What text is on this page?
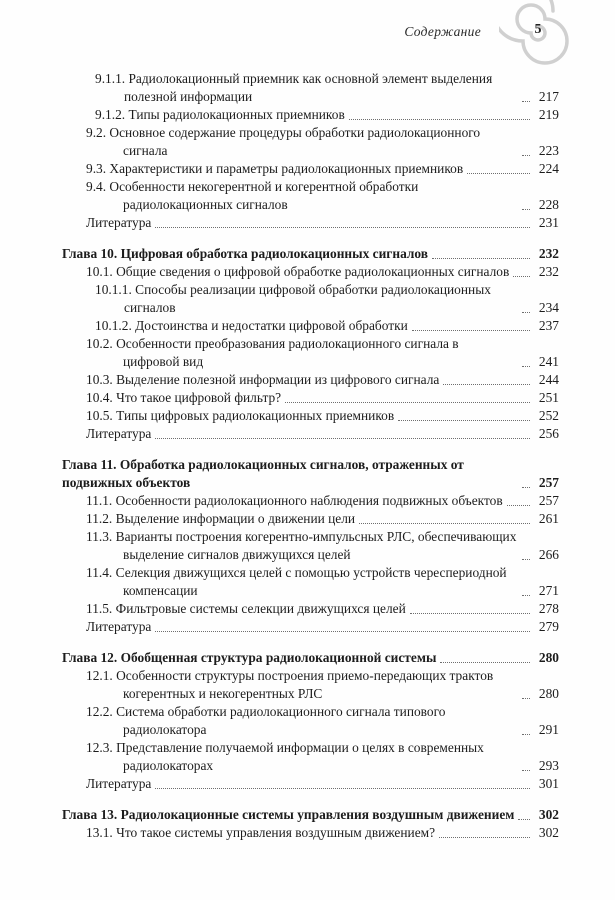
Содержание	5
9.1.1. Радиолокационный приемник как основной элемент выделения полезной информации	217
9.1.2. Типы радиолокационных приемников	219
9.2. Основное содержание процедуры обработки радиолокационного сигнала	223
9.3. Характеристики и параметры радиолокационных приемников	224
9.4. Особенности некогерентной и когерентной обработки радиолокационных сигналов	228
Литература	231
Глава 10. Цифровая обработка радиолокационных сигналов	232
10.1. Общие сведения о цифровой обработке радиолокационных сигналов	232
10.1.1. Способы реализации цифровой обработки радиолокационных сигналов	234
10.1.2. Достоинства и недостатки цифровой обработки	237
10.2. Особенности преобразования радиолокационного сигнала в цифровой вид	241
10.3. Выделение полезной информации из цифрового сигнала	244
10.4. Что такое цифровой фильтр?	251
10.5. Типы цифровых радиолокационных приемников	252
Литература	256
Глава 11. Обработка радиолокационных сигналов, отраженных от подвижных объектов	257
11.1. Особенности радиолокационного наблюдения подвижных объектов	257
11.2. Выделение информации о движении цели	261
11.3. Варианты построения когерентно-импульсных РЛС, обеспечивающих выделение сигналов движущихся целей	266
11.4. Селекция движущихся целей с помощью устройств череспериодной компенсации	271
11.5. Фильтровые системы селекции движущихся целей	278
Литература	279
Глава 12. Обобщенная структура радиолокационной системы	280
12.1. Особенности структуры построения приемо-передающих трактов когерентных и некогерентных РЛС	280
12.2. Система обработки радиолокационного сигнала типового радиолокатора	291
12.3. Представление получаемой информации о целях в современных радиолокаторах	293
Литература	301
Глава 13. Радиолокационные системы управления воздушным движением	302
13.1. Что такое системы управления воздушным движением?	302
